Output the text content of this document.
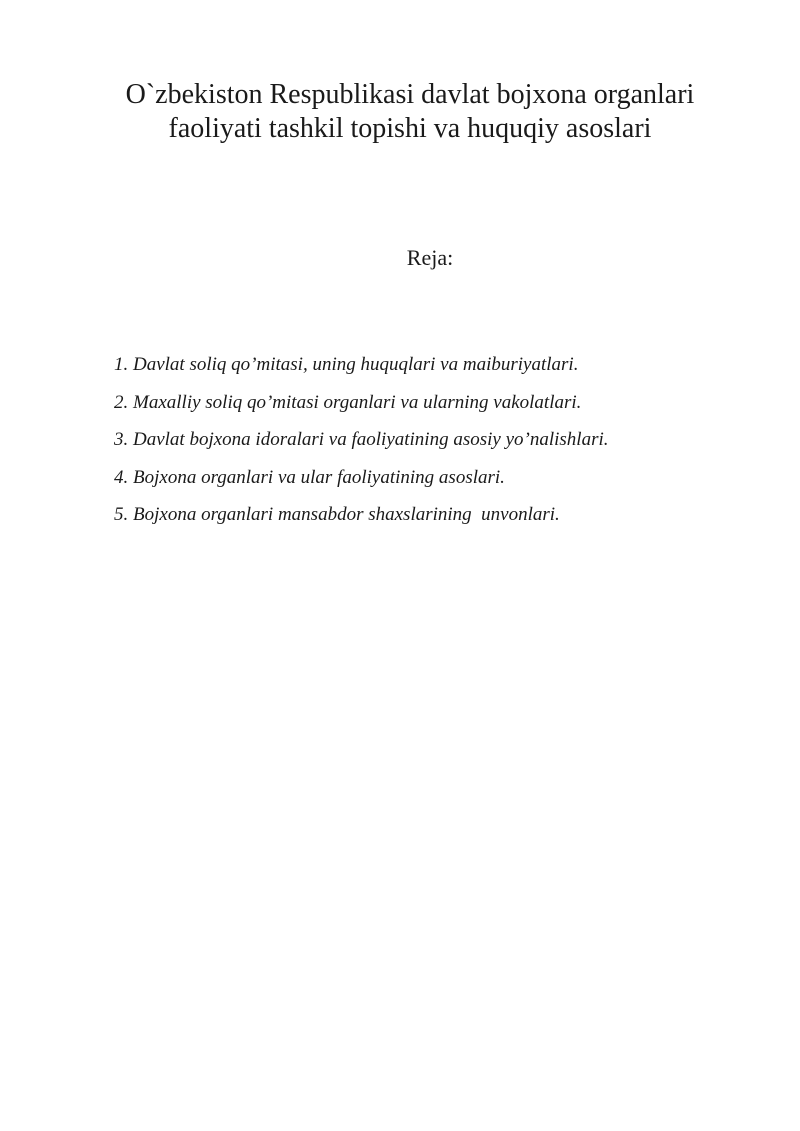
O`zbekiston Respublikasi davlat bojxona organlari
faoliyati tashkil topishi va huquqiy asoslari
Reja:
1. Davlat soliq qo’mitasi, uning huquqlari va maiburiyatlari.
2. Maxalliy soliq qo’mitasi organlari va ularning vakolatlari.
3. Davlat bojxona idoralari va faoliyatining asosiy yo’nalishlari.
4. Bojxona organlari va ular faoliyatining asoslari.
5. Bojxona organlari mansabdor shaxslarining  unvonlari.
